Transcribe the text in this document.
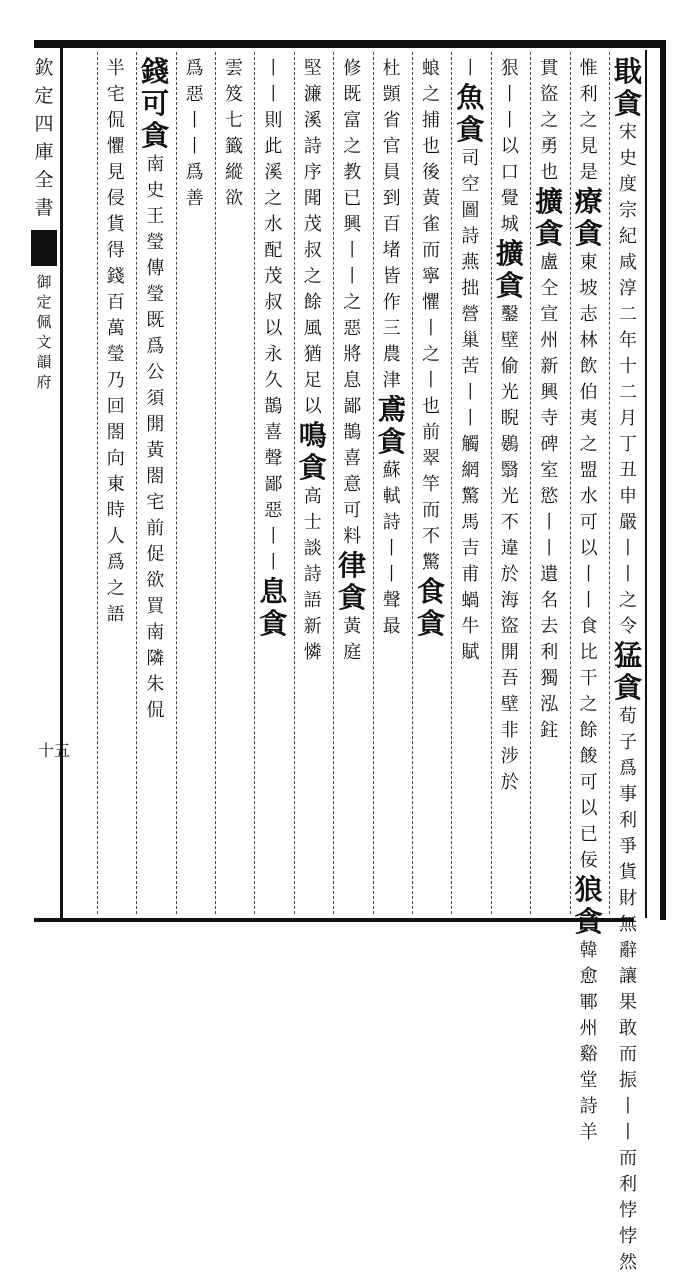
欽
定
四
庫
全
書
御
定
佩
文
韻
府
十五
戢
貪
宋
史
度
宗
紀
咸
淳
二
年
十
二
月
丁
丑
申
嚴
丨
丨
之
令
猛
貪
荀
子
爲
事
利
爭
貨
財
無
辭
讓
果
敢
而
振
丨
丨
而
利
悖
悖
然
惟
利
之
見
是
療
貪
東
坡
志
林
飲
伯
夷
之
盟
水
可
以
丨
丨
食
比
干
之
餘
餕
可
以
已
佞
狼
貪
韓
愈
鄆
州
谿
堂
詩
羊
貫
盜
之
勇
也
擴
貪
盧
仝
宣
州
新
興
寺
碑
室
慾
丨
丨
遺
名
去
利
獨
泓
鉒
狠
丨
丨
以
口
覺
城
擴
貪
鑿
壁
偷
光
睨
鷃
翳
光
不
違
於
海
盜
開
吾
壁
非
涉
於
丨
魚
貪
司
空
圖
詩
燕
拙
營
巢
苦
丨
丨
觸
網
驚
馬
吉
甫
蝸
牛
賦
蜋
之
捕
也
後
黃
雀
而
寧
懼
丨
之
丨
也
前
翠
竿
而
不
驚
食
貪
杜
顗
省
官
員
到
百
堵
皆
作
三
農
津
鳶
貪
蘇
軾
詩
丨
丨
聲
最
修
既
富
之
教
已
興
丨
丨
之
惡
將
息
鄙
鵲
喜
意
可
料
律
貪
黃
庭
堅
濂
溪
詩
序
聞
茂
叔
之
餘
風
猶
足
以
鳴
貪
高
士
談
詩
語
新
憐
丨
丨
則
此
溪
之
水
配
茂
叔
以
永
久
鵲
喜
聲
鄙
惡
丨
丨
息
貪
雲
笈
七
籤
縱
欲
爲
惡
丨
丨
爲
善
錢
可
貪
南
史
王
瑩
傳
瑩
既
爲
公
須
開
黃
閤
宅
前
促
欲
買
南
隣
朱
侃
半
宅
侃
懼
見
侵
貨
得
錢
百
萬
瑩
乃
回
閤
向
東
時
人
爲
之
語
